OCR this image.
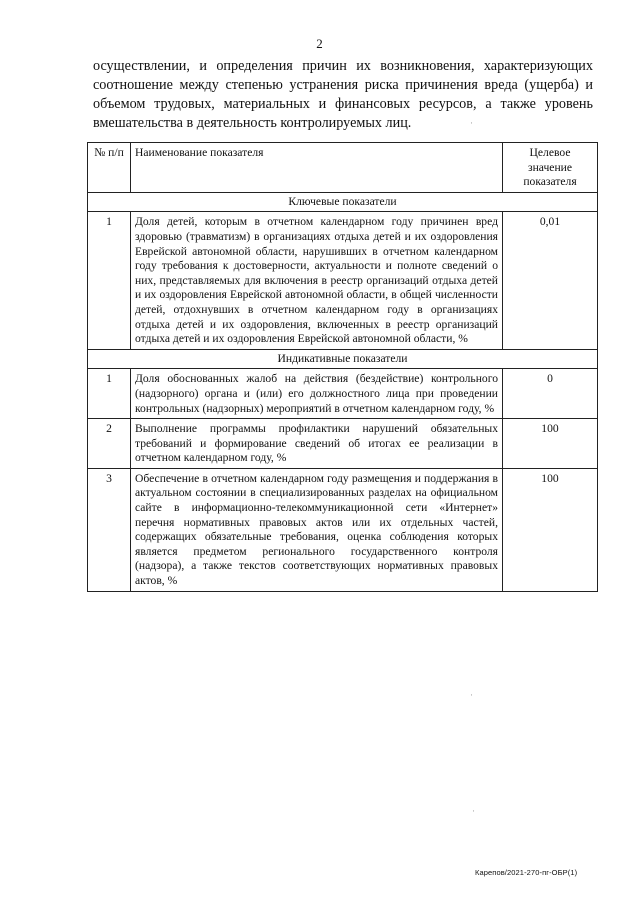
2

осуществлении, и определения причин их возникновения, характеризующих соотношение между степенью устранения риска причинения вреда (ущерба) и объемом трудовых, материальных и финансовых ресурсов, а также уровень вмешательства в деятельность контролируемых лиц.

№ п/п	Наименование показателя	Целевое значение показателя
Ключевые показатели		
1	Доля детей, которым в отчетном календарном году причинен вред здоровью (травматизм) в организациях отдыха детей и их оздоровления Еврейской автономной области, нарушивших в отчетном календарном году требования к достоверности, актуальности и полноте сведений о них, представляемых для включения в реестр организаций отдыха детей и их оздоровления Еврейской автономной области, в общей численности детей, отдохнувших в отчетном календарном году в организациях отдыха детей и их оздоровления, включенных в реестр организаций отдыха детей и их оздоровления Еврейской автономной области, %	0,01
Индикативные показатели		
1	Доля обоснованных жалоб на действия (бездействие) контрольного (надзорного) органа и (или) его должностного лица при проведении контрольных (надзорных) мероприятий в отчетном календарном году, %	0
2	Выполнение программы профилактики нарушений обязательных требований и формирование сведений об итогах ее реализации в отчетном календарном году, %	100
3	Обеспечение в отчетном календарном году размещения и поддержания в актуальном состоянии в специализированных разделах на официальном сайте в информационно-телекоммуникационной сети «Интернет» перечня нормативных правовых актов или их отдельных частей, содержащих обязательные требования, оценка соблюдения которых является предметом регионального государственного контроля (надзора), а также текстов соответствующих нормативных правовых актов, %	100
·
·
·
Карепов/2021-270-пг-ОБР(1)
